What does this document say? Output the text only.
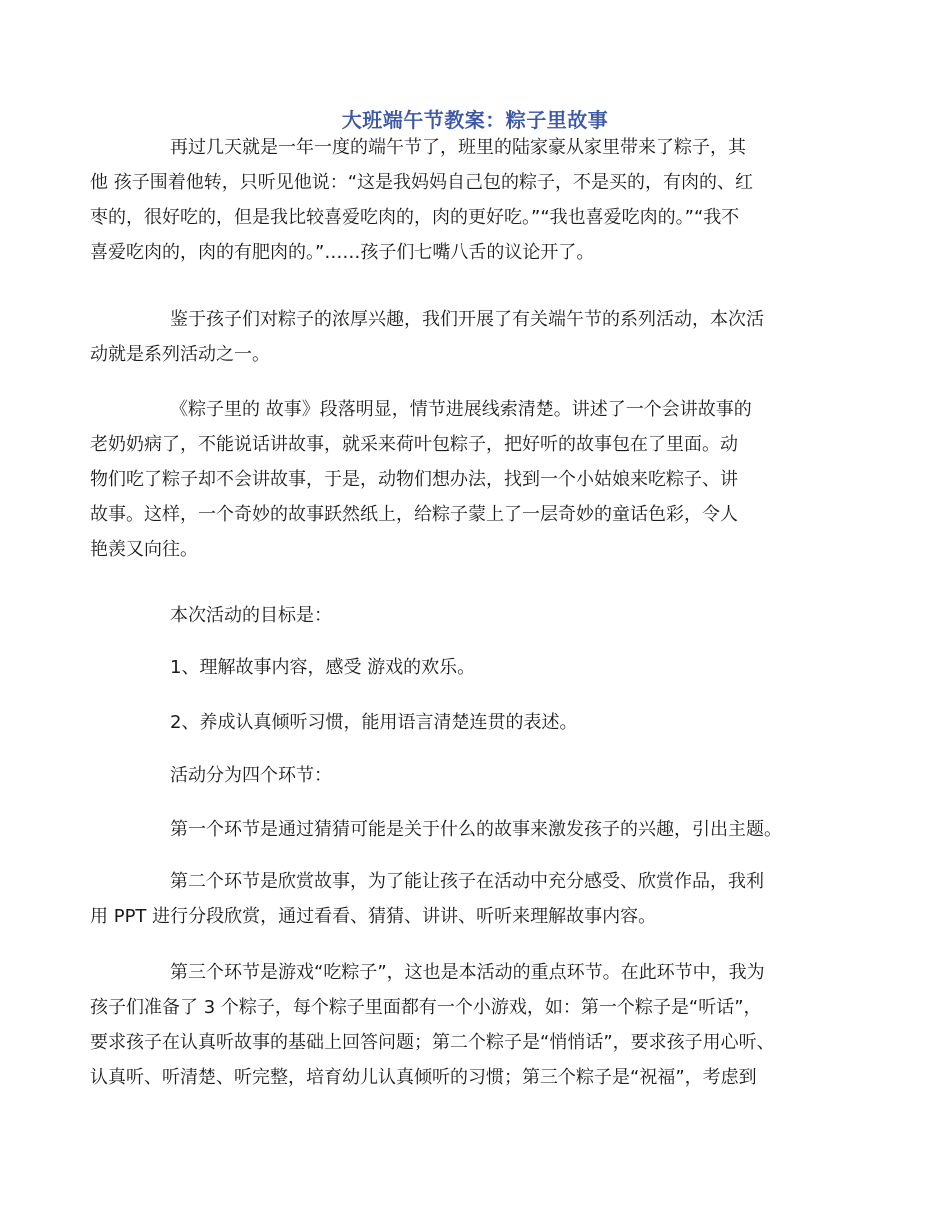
大班端午节教案：粽子里故事
再过几天就是一年一度的端午节了，班里的陆家豪从家里带来了粽子，其
他 孩子围着他转，只听见他说：“这是我妈妈自己包的粽子，不是买的，有肉的、红
枣的，很好吃的，但是我比较喜爱吃肉的，肉的更好吃。”“我也喜爱吃肉的。”“我不
喜爱吃肉的，肉的有肥肉的。”……孩子们七嘴八舌的议论开了。
鉴于孩子们对粽子的浓厚兴趣，我们开展了有关端午节的系列活动，本次活
动就是系列活动之一。
《粽子里的 故事》段落明显，情节进展线索清楚。讲述了一个会讲故事的
老奶奶病了，不能说话讲故事，就采来荷叶包粽子，把好听的故事包在了里面。动
物们吃了粽子却不会讲故事，于是，动物们想办法，找到一个小姑娘来吃粽子、讲
故事。这样，一个奇妙的故事跃然纸上，给粽子蒙上了一层奇妙的童话色彩，令人
艳羡又向往。
本次活动的目标是：
1、理解故事内容，感受 游戏的欢乐。
2、养成认真倾听习惯，能用语言清楚连贯的表述。
活动分为四个环节：
第一个环节是通过猜猜可能是关于什么的故事来激发孩子的兴趣，引出主题。
第二个环节是欣赏故事，为了能让孩子在活动中充分感受、欣赏作品，我利
用 PPT 进行分段欣赏，通过看看、猜猜、讲讲、听听来理解故事内容。
第三个环节是游戏“吃粽子”，这也是本活动的重点环节。在此环节中，我为
孩子们准备了 3 个粽子，每个粽子里面都有一个小游戏，如：第一个粽子是“听话”，
要求孩子在认真听故事的基础上回答问题；第二个粽子是“悄悄话”，要求孩子用心听、
认真听、听清楚、听完整，培育幼儿认真倾听的习惯；第三个粽子是“祝福”，考虑到
